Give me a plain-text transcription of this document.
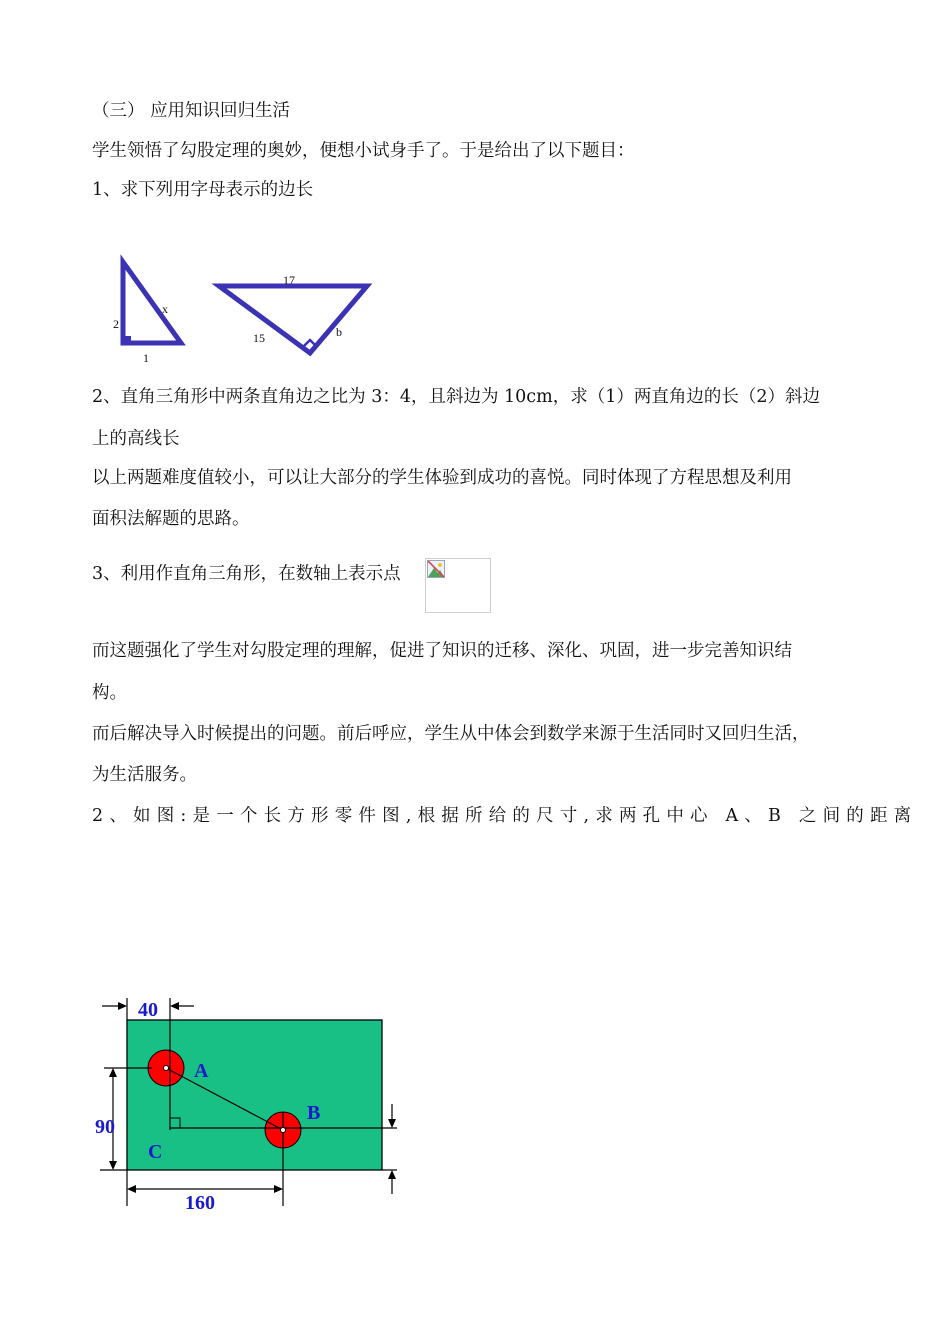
（三） 应用知识回归生活
学生领悟了勾股定理的奥妙，便想小试身手了。于是给出了以下题目：
1、求下列用字母表示的边长
2
1
x
17
15	b
2、直角三角形中两条直角边之比为 3：4，且斜边为 10cm，求（1）两直角边的长（2）斜边
上的高线长
以上两题难度值较小，可以让大部分的学生体验到成功的喜悦。同时体现了方程思想及利用
面积法解题的思路。
3、利用作直角三角形，在数轴上表示点
而这题强化了学生对勾股定理的理解，促进了知识的迁移、深化、巩固，进一步完善知识结
构。
而后解决导入时候提出的问题。前后呼应，学生从中体会到数学来源于生活同时又回归生活，
为生活服务。
2、如图:是一个长方形零件图,根据所给的尺寸,求两孔中心 A、B 之间的距离
40
90
160
A
B
C
